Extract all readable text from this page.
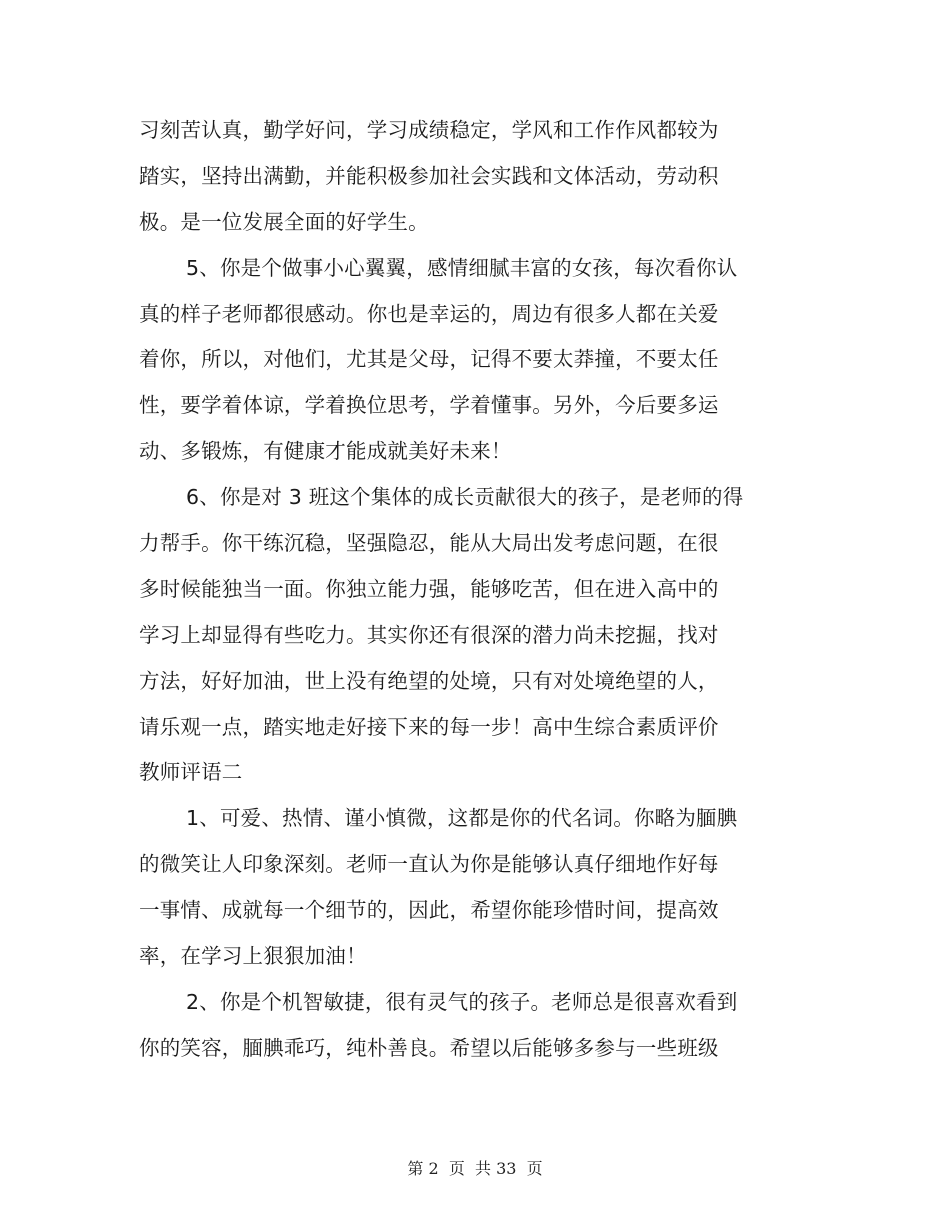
习刻苦认真，勤学好问，学习成绩稳定，学风和工作作风都较为
踏实，坚持出满勤，并能积极参加社会实践和文体活动，劳动积
极。是一位发展全面的好学生。
5、你是个做事小心翼翼，感情细腻丰富的女孩，每次看你认
真的样子老师都很感动。你也是幸运的，周边有很多人都在关爱
着你，所以，对他们，尤其是父母，记得不要太莽撞，不要太任
性，要学着体谅，学着换位思考，学着懂事。另外，今后要多运
动、多锻炼，有健康才能成就美好未来！
6、你是对 3 班这个集体的成长贡献很大的孩子，是老师的得
力帮手。你干练沉稳，坚强隐忍，能从大局出发考虑问题，在很
多时候能独当一面。你独立能力强，能够吃苦，但在进入高中的
学习上却显得有些吃力。其实你还有很深的潜力尚未挖掘，找对
方法，好好加油，世上没有绝望的处境，只有对处境绝望的人，
请乐观一点，踏实地走好接下来的每一步！高中生综合素质评价
教师评语二
1、可爱、热情、谨小慎微，这都是你的代名词。你略为腼腆
的微笑让人印象深刻。老师一直认为你是能够认真仔细地作好每
一事情、成就每一个细节的，因此，希望你能珍惜时间，提高效
率，在学习上狠狠加油！
2、你是个机智敏捷，很有灵气的孩子。老师总是很喜欢看到
你的笑容，腼腆乖巧，纯朴善良。希望以后能够多参与一些班级
第 2  页  共 33  页
